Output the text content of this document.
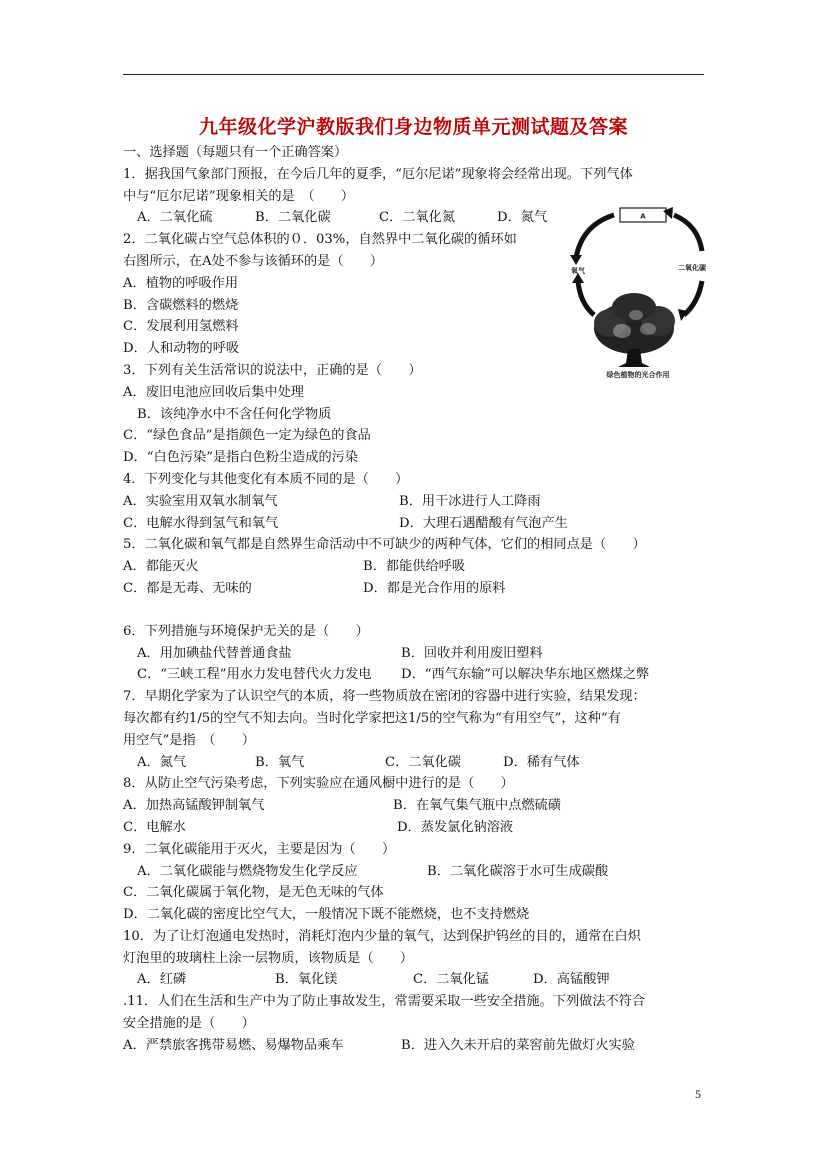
九年级化学沪教版我们身边物质单元测试题及答案
A
氧气	二氧化碳
绿色植物的光合作用
一、选择题（每题只有一个正确答案）
1．据我国气象部门预报，在今后几年的夏季，“厄尔尼诺”现象将会经常出现。下列气体
中与“厄尔尼诺”现象相关的是　（　　）
A．二氧化硫	B．二氧化碳	C．二氧化氮	D．氮气
2．二氧化碳占空气总体积的０．03%，自然界中二氧化碳的循环如
右图所示，在A处不参与该循环的是（　　）
A．植物的呼吸作用
B．含碳燃料的燃烧
C．发展利用氢燃料
D．人和动物的呼吸
3．下列有关生活常识的说法中，正确的是（　　）
A．废旧电池应回收后集中处理
B．该纯净水中不含任何化学物质
C．“绿色食品”是指颜色一定为绿色的食品
D．“白色污染”是指白色粉尘造成的污染
4．下列变化与其他变化有本质不同的是（　　）
A．实验室用双氧水制氧气	B．用干冰进行人工降雨
C．电解水得到氢气和氧气	D．大理石遇醋酸有气泡产生
5．二氧化碳和氧气都是自然界生命活动中不可缺少的两种气体，它们的相同点是（　　）
A．都能灭火	B．都能供给呼吸
C．都是无毒、无味的	D．都是光合作用的原料
6．下列措施与环境保护无关的是（　　）
A．用加碘盐代替普通食盐	B．回收并利用废旧塑料
C．“三峡工程”用水力发电替代火力发电	D．“西气东输”可以解决华东地区燃煤之弊
7．早期化学家为了认识空气的本质，将一些物质放在密闭的容器中进行实验，结果发现：
每次都有约1/5的空气不知去向。当时化学家把这1/5的空气称为“有用空气”，这种“有
用空气”是指　（　　）
A．氮气	B．氧气	C．二氧化碳	D．稀有气体
8．从防止空气污染考虑，下列实验应在通风橱中进行的是（　　）
A．加热高锰酸钾制氧气	B．在氧气集气瓶中点燃硫磺
C．电解水	D．蒸发氯化钠溶液
9．二氧化碳能用于灭火，主要是因为（　　）
A．二氧化碳能与燃烧物发生化学反应	B．二氧化碳溶于水可生成碳酸
C．二氧化碳属于氧化物，是无色无味的气体
D．二氧化碳的密度比空气大，一般情况下既不能燃烧，也不支持燃烧
10．为了让灯泡通电发热时，消耗灯泡内少量的氧气，达到保护钨丝的目的，通常在白炽
灯泡里的玻璃柱上涂一层物质，该物质是（　　）
A．红磷	B．氧化镁	C．二氧化锰	D．高锰酸钾
.11．人们在生活和生产中为了防止事故发生，常需要采取一些安全措施。下列做法不符合
安全措施的是（　　）
A．严禁旅客携带易燃、易爆物品乘车	B．进入久未开启的菜窖前先做灯火实验
5
